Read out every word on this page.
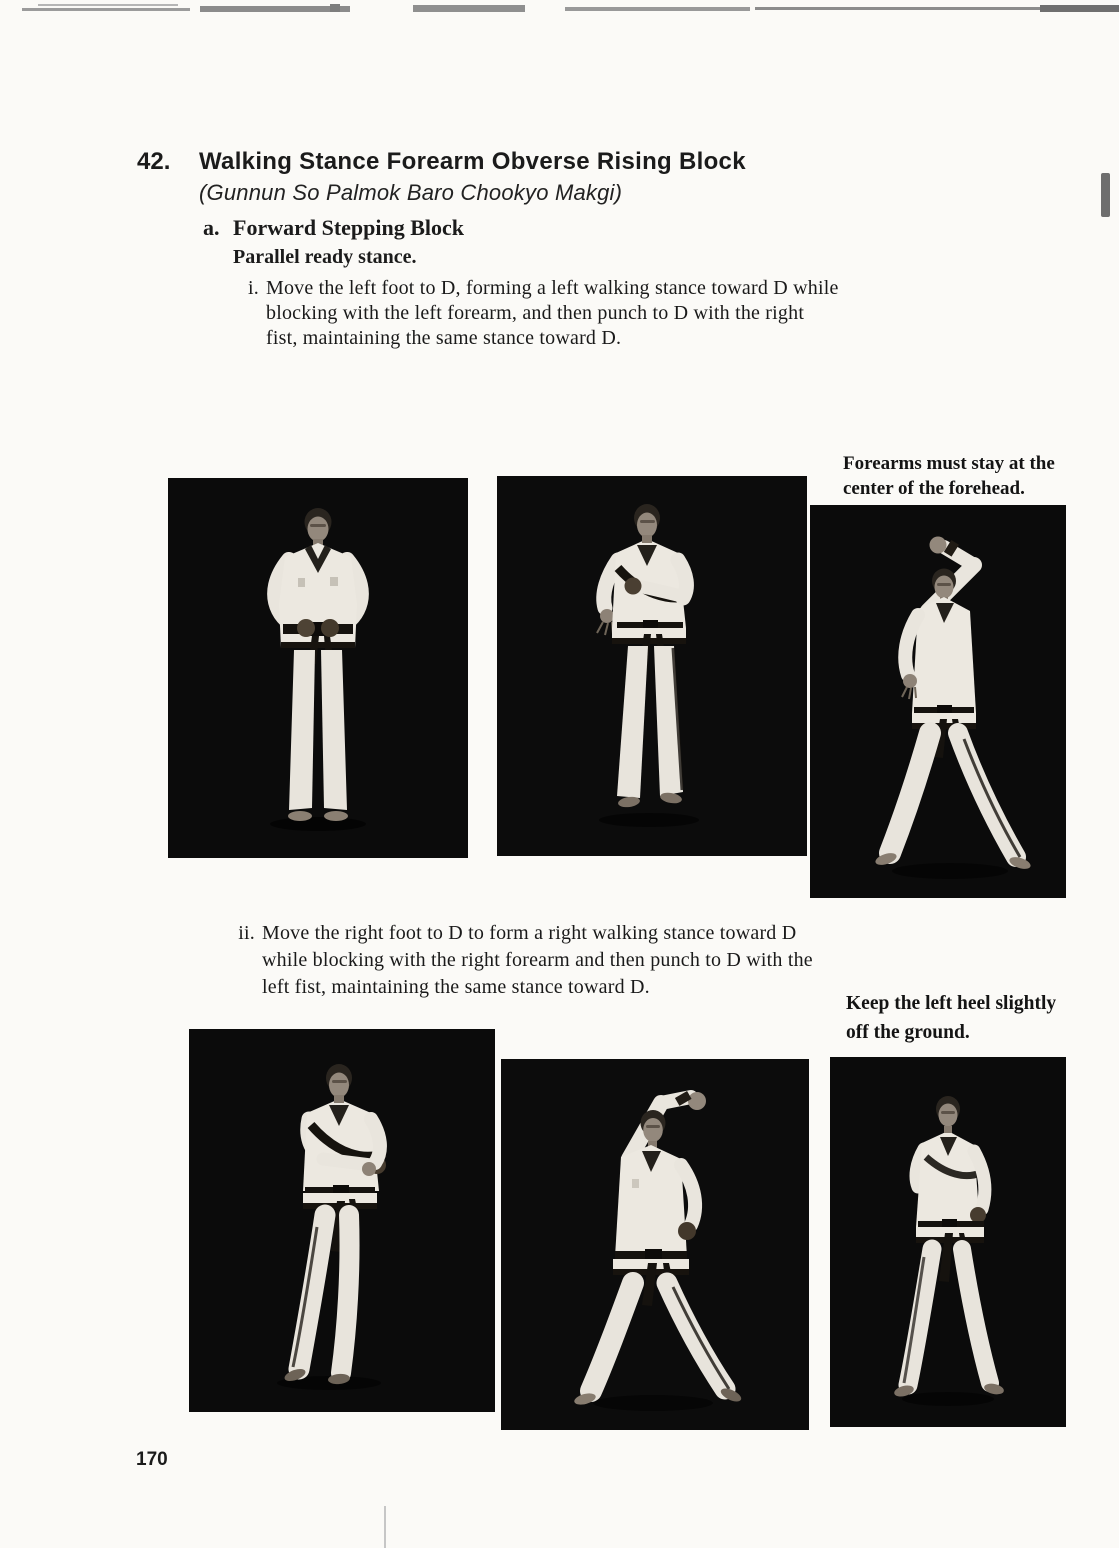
42. Walking Stance Forearm Obverse Rising Block
(Gunnun So Palmok Baro Chookyo Makgi)
a. Forward Stepping Block
Parallel ready stance.
i. Move the left foot to D, forming a left walking stance toward D while
blocking with the left forearm, and then punch to D with the right
fist, maintaining the same stance toward D.
Forearms must stay at the
center of the forehead.
ii. Move the right foot to D to form a right walking stance toward D
while blocking with the right forearm and then punch to D with the
left fist, maintaining the same stance toward D.
Keep the left heel slightly
off the ground.
170
